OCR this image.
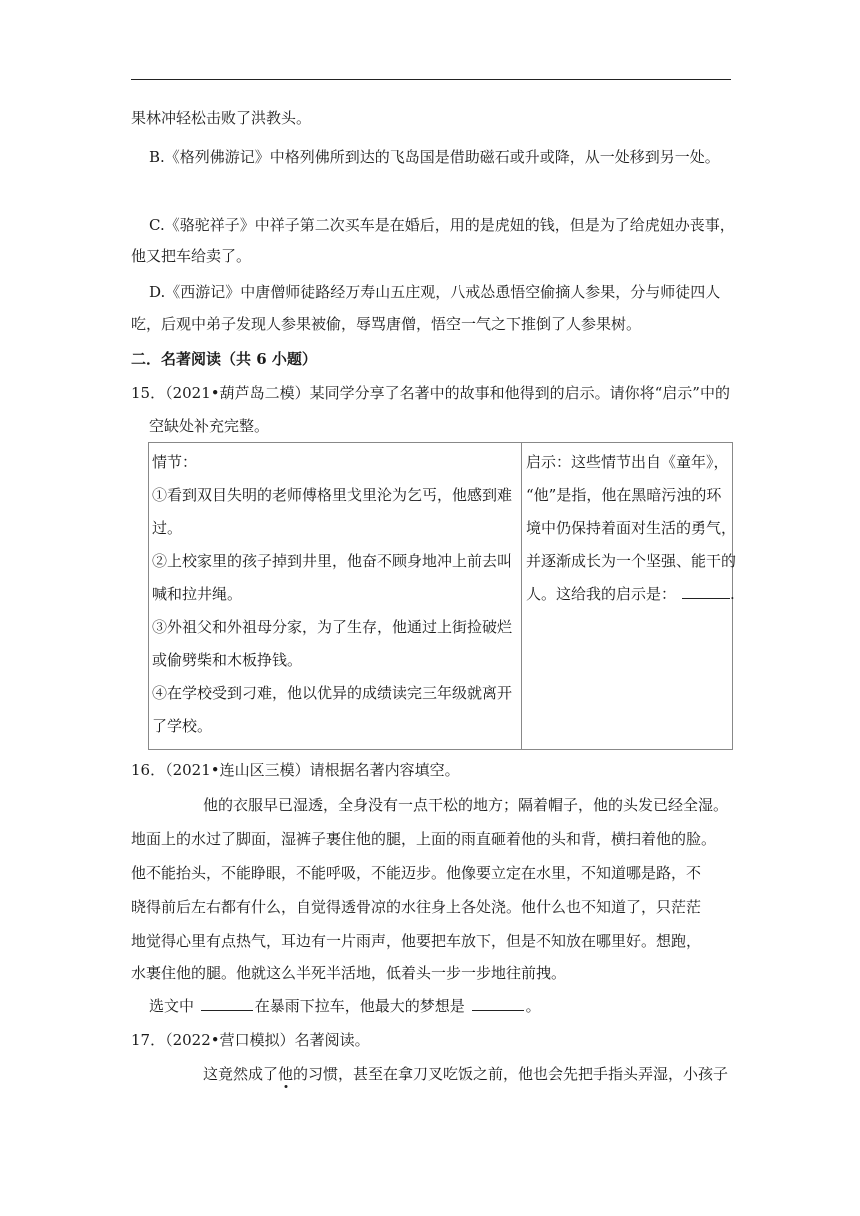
果林冲轻松击败了洪教头。
B.《格列佛游记》中格列佛所到达的飞岛国是借助磁石或升或降，从一处移到另一处。
C.《骆驼祥子》中祥子第二次买车是在婚后，用的是虎妞的钱，但是为了给虎妞办丧事，
他又把车给卖了。
D.《西游记》中唐僧师徒路经万寿山五庄观，八戒怂恿悟空偷摘人参果，分与师徒四人
吃，后观中弟子发现人参果被偷，辱骂唐僧，悟空一气之下推倒了人参果树。
二．名著阅读（共 6 小题）
15．（2021•葫芦岛二模）某同学分享了名著中的故事和他得到的启示。请你将“启示”中的
空缺处补充完整。
情节：
①看到双目失明的老师傅格里戈里沦为乞丐，他感到难
过。
②上校家里的孩子掉到井里，他奋不顾身地冲上前去叫
喊和拉井绳。
③外祖父和外祖母分家，为了生存，他通过上街捡破烂
或偷劈柴和木板挣钱。
④在学校受到刁难，他以优异的成绩读完三年级就离开
了学校。

启示：这些情节出自《童年》，
“他”是指，他在黑暗污浊的环
境中仍保持着面对生活的勇气，
并逐渐成长为一个坚强、能干的
人。这给我的启示是：	.
16．（2021•连山区三模）请根据名著内容填空。
他的衣服早已湿透，全身没有一点干松的地方；隔着帽子，他的头发已经全湿。
地面上的水过了脚面，湿裤子裹住他的腿，上面的雨直砸着他的头和背，横扫着他的脸。
他不能抬头，不能睁眼，不能呼吸，不能迈步。他像要立定在水里，不知道哪是路，不
晓得前后左右都有什么，自觉得透骨凉的水往身上各处浇。他什么也不知道了，只茫茫
地觉得心里有点热气，耳边有一片雨声，他要把车放下，但是不知放在哪里好。想跑，
水裹住他的腿。他就这么半死半活地，低着头一步一步地往前拽。
选文中	在暴雨下拉车，他最大的梦想是	。
17．（2022•营口模拟）名著阅读。
这竟然成了他的习惯，甚至在拿刀叉吃饭之前，他也会先把手指头弄湿，小孩子
